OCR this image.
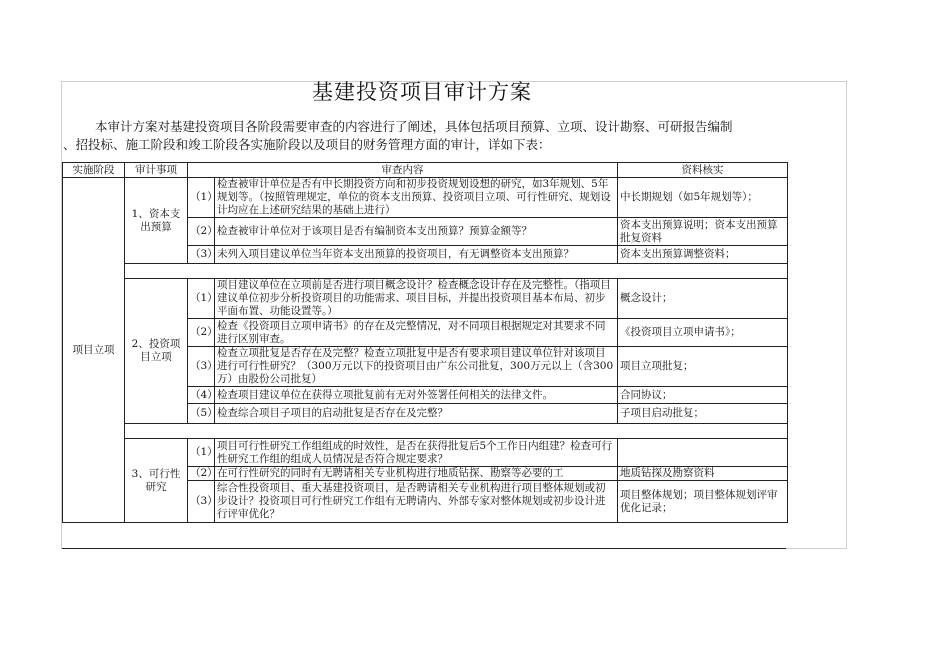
基建投资项目审计方案
本审计方案对基建投资项目各阶段需要审查的内容进行了阐述，具体包括项目预算、立项、设计勘察、可研报告编制
、招投标、施工阶段和竣工阶段各实施阶段以及项目的财务管理方面的审计，详如下表：
实施阶段	审计事项	审查内容		资料核实
项目立项	1、资本支出预算	（1）	检查被审计单位是否有中长期投资方向和初步投资规划设想的研究，如3年规划、5年规划等。（按照管理规定，单位的资本支出预算、投资项目立项、可行性研究、规划设计均应在上述研究结果的基础上进行）	中长期规划（如5年规划等）；
		（2）	检查被审计单位对于该项目是否有编制资本支出预算？预算金额等？	资本支出预算说明；资本支出预算批复资料
		（3）	未列入项目建议单位当年资本支出预算的投资项目，有无调整资本支出预算？	资本支出预算调整资料；

	2、投资项目立项	（1）	项目建议单位在立项前是否进行项目概念设计？检查概念设计存在及完整性。（指项目建议单位初步分析投资项目的功能需求、项目目标，并提出投资项目基本布局、初步平面布置、功能设置等。）	概念设计；
		（2）	检查《投资项目立项申请书》的存在及完整情况，对不同项目根据规定对其要求不同进行区别审查。	《投资项目立项申请书》；
		（3）	检查立项批复是否存在及完整？检查立项批复中是否有要求项目建议单位针对该项目进行可行性研究？（300万元以下的投资项目由广东公司批复，300万元以上（含300万）由股份公司批复）	项目立项批复；
		（4）	检查项目建议单位在获得立项批复前有无对外签署任何相关的法律文件。	合同协议；
		（5）	检查综合项目子项目的启动批复是否存在及完整？	子项目启动批复；

	3、可行性研究	（1）	项目可行性研究工作组组成的时效性，是否在获得批复后5个工作日内组建？检查可行性研究工作组的组成人员情况是否符合规定要求？	
		（2）	在可行性研究的同时有无聘请相关专业机构进行地质钻探、勘察等必要的工	地质钻探及勘察资料
		（3）	综合性投资项目、重大基建投资项目，是否聘请相关专业机构进行项目整体规划或初步设计？投资项目可行性研究工作组有无聘请内、外部专家对整体规划或初步设计进行评审优化？	项目整体规划；项目整体规划评审优化记录；
